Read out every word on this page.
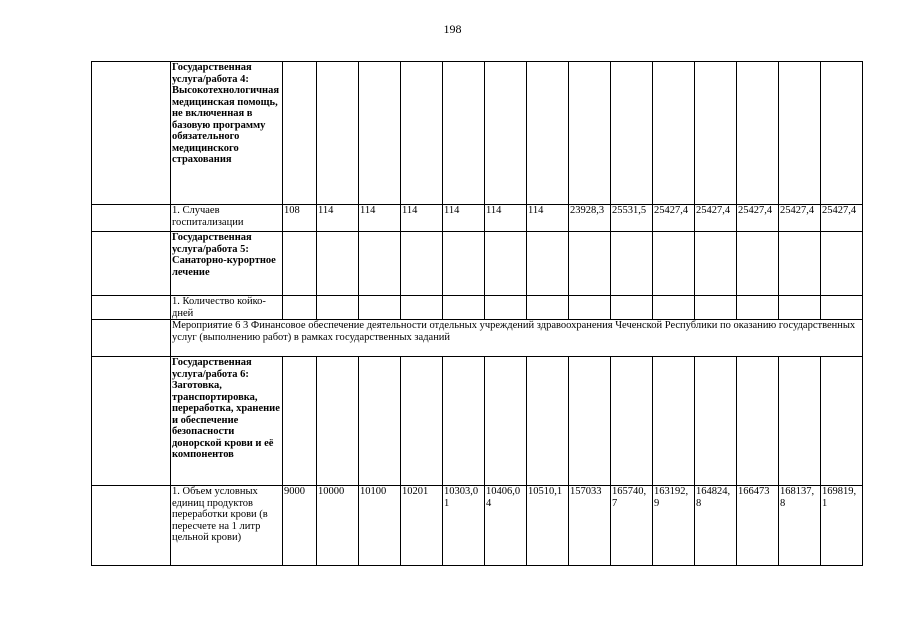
198
	Государственная услуга/работа 4: Высокотехнологичная медицинская помощь, не включенная в базовую программу обязательного медицинского страхования														
	1. Случаев госпитализации	108	114	114	114	114	114	114	23928,3	25531,5	25427,4	25427,4	25427,4	25427,4	25427,4
	Государственная услуга/работа 5: Санаторно-курортное лечение														
	1. Количество койко-дней														
	Мероприятие 6 3 Финансовое обеспечение деятельности отдельных учреждений здравоохранения Чеченской Республики по оказанию государственных услуг (выполнению работ) в рамках государственных заданий														
	Государственная услуга/работа 6: Заготовка, транспортировка, переработка, хранение и обеспечение безопасности донорской крови и её компонентов														
	1. Объем условных единиц продуктов переработки крови (в пересчете на 1 литр цельной крови)	9000	10000	10100	10201	10303,01	10406,04	10510,1	157033	165740,7	163192,9	164824,8	166473	168137,8	169819,1
